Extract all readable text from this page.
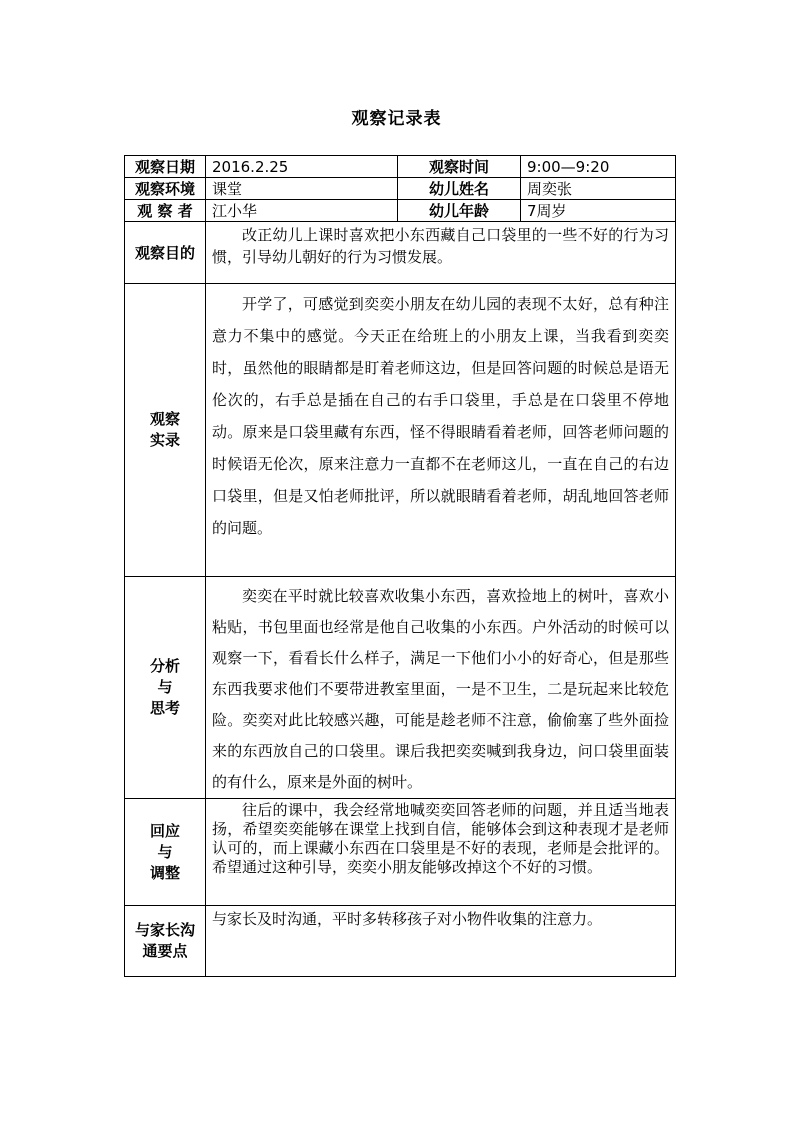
观察记录表
观察日期	2016.2.25	观察时间	9:00—9:20
观察环境	课堂	幼儿姓名	周奕张
观 察 者	江小华	幼儿年龄	7周岁
观察目的	改正幼儿上课时喜欢把小东西藏自己口袋里的一些不好的行为习惯，引导幼儿朝好的行为习惯发展。		

观察
实录	开学了，可感觉到奕奕小朋友在幼儿园的表现不太好，总有种注意力不集中的感觉。今天正在给班上的小朋友上课，当我看到奕奕时，虽然他的眼睛都是盯着老师这边，但是回答问题的时候总是语无伦次的，右手总是插在自己的右手口袋里，手总是在口袋里不停地动。原来是口袋里藏有东西，怪不得眼睛看着老师，回答老师问题的时候语无伦次，原来注意力一直都不在老师这儿，一直在自己的右边口袋里，但是又怕老师批评，所以就眼睛看着老师，胡乱地回答老师的问题。		

分析
与
思考	奕奕在平时就比较喜欢收集小东西，喜欢捡地上的树叶，喜欢小粘贴，书包里面也经常是他自己收集的小东西。户外活动的时候可以观察一下，看看长什么样子，满足一下他们小小的好奇心，但是那些东西我要求他们不要带进教室里面，一是不卫生，二是玩起来比较危险。奕奕对此比较感兴趣，可能是趁老师不注意，偷偷塞了些外面捡来的东西放自己的口袋里。课后我把奕奕喊到我身边，问口袋里面装的有什么，原来是外面的树叶。		

回应
与
调整	往后的课中，我会经常地喊奕奕回答老师的问题，并且适当地表扬，希望奕奕能够在课堂上找到自信，能够体会到这种表现才是老师认可的，而上课藏小东西在口袋里是不好的表现，老师是会批评的。希望通过这种引导，奕奕小朋友能够改掉这个不好的习惯。		

与家长沟
通要点	与家长及时沟通，平时多转移孩子对小物件收集的注意力。		
